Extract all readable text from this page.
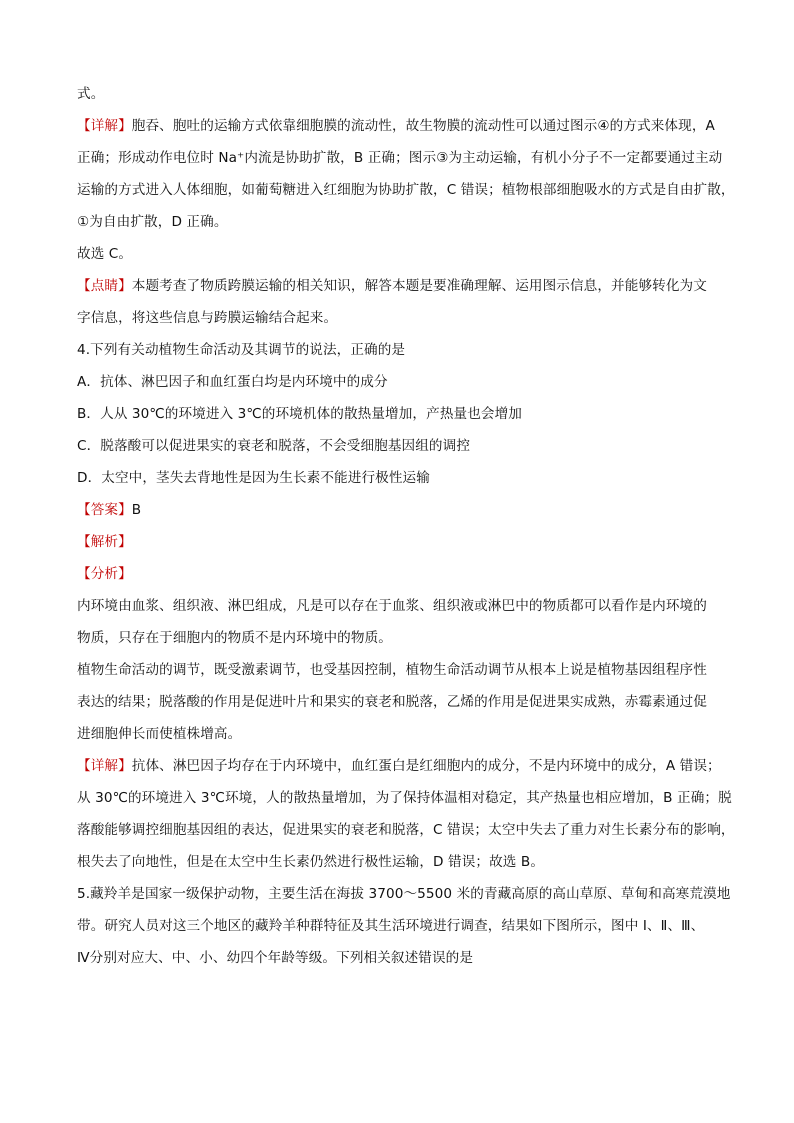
式。
【详解】胞吞、胞吐的运输方式依靠细胞膜的流动性，故生物膜的流动性可以通过图示④的方式来体现，A
正确；形成动作电位时 Na⁺内流是协助扩散，B 正确；图示③为主动运输，有机小分子不一定都要通过主动
运输的方式进入人体细胞，如葡萄糖进入红细胞为协助扩散，C 错误；植物根部细胞吸水的方式是自由扩散，
①为自由扩散，D 正确。
故选 C。
【点睛】本题考查了物质跨膜运输的相关知识，解答本题是要准确理解、运用图示信息，并能够转化为文
字信息，将这些信息与跨膜运输结合起来。
4.下列有关动植物生命活动及其调节的说法，正确的是
A．抗体、淋巴因子和血红蛋白均是内环境中的成分
B．人从 30℃的环境进入 3℃的环境机体的散热量增加，产热量也会增加
C．脱落酸可以促进果实的衰老和脱落，不会受细胞基因组的调控
D．太空中，茎失去背地性是因为生长素不能进行极性运输
【答案】B
【解析】
【分析】
内环境由血浆、组织液、淋巴组成，凡是可以存在于血浆、组织液或淋巴中的物质都可以看作是内环境的
物质，只存在于细胞内的物质不是内环境中的物质。
植物生命活动的调节，既受激素调节，也受基因控制，植物生命活动调节从根本上说是植物基因组程序性
表达的结果；脱落酸的作用是促进叶片和果实的衰老和脱落，乙烯的作用是促进果实成熟，赤霉素通过促
进细胞伸长而使植株增高。
【详解】抗体、淋巴因子均存在于内环境中，血红蛋白是红细胞内的成分，不是内环境中的成分，A 错误；
从 30℃的环境进入 3℃环境，人的散热量增加，为了保持体温相对稳定，其产热量也相应增加，B 正确；脱
落酸能够调控细胞基因组的表达，促进果实的衰老和脱落，C 错误；太空中失去了重力对生长素分布的影响，
根失去了向地性，但是在太空中生长素仍然进行极性运输，D 错误；故选 B。
5.藏羚羊是国家一级保护动物，主要生活在海拔 3700～5500 米的青藏高原的高山草原、草甸和高寒荒漠地
带。研究人员对这三个地区的藏羚羊种群特征及其生活环境进行调查，结果如下图所示，图中 I、Ⅱ、Ⅲ、
Ⅳ分别对应大、中、小、幼四个年龄等级。下列相关叙述错误的是
